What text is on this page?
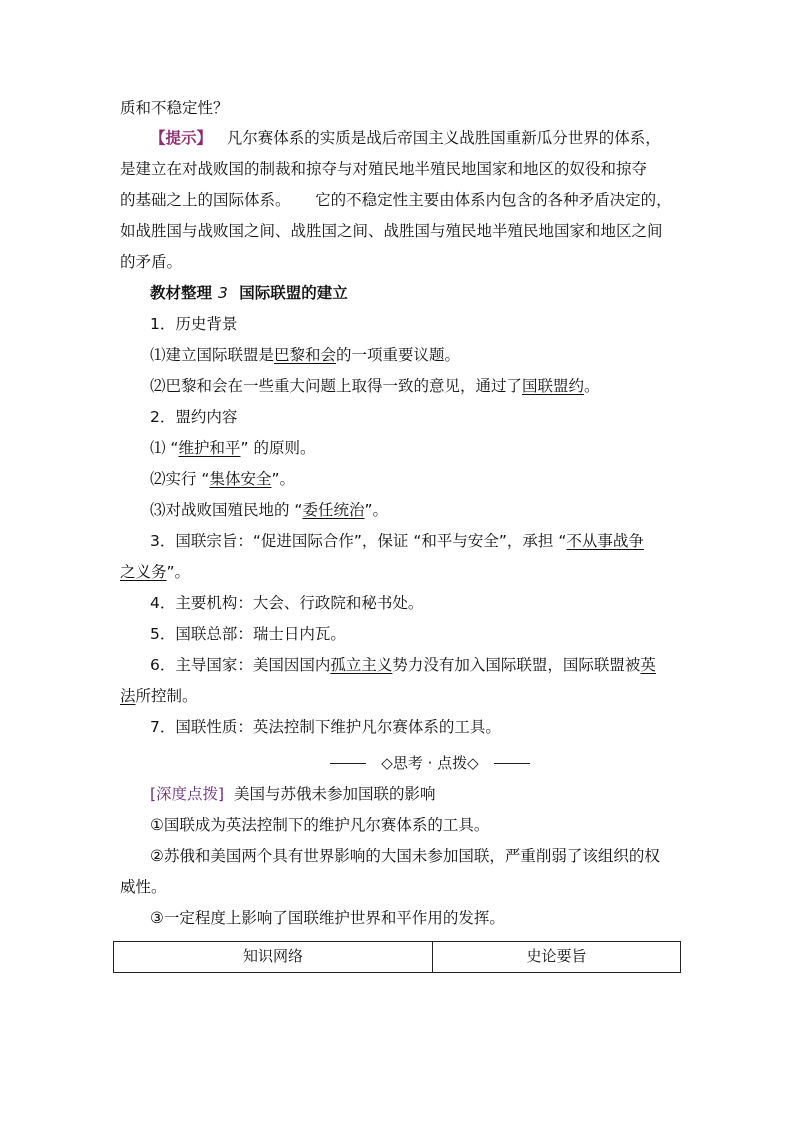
质和不稳定性？
【提示】 凡尔赛体系的实质是战后帝国主义战胜国重新瓜分世界的体系，
是建立在对战败国的制裁和掠夺与对殖民地半殖民地国家和地区的奴役和掠夺
的基础之上的国际体系。 它的不稳定性主要由体系内包含的各种矛盾决定的，
如战胜国与战败国之间、战胜国之间、战胜国与殖民地半殖民地国家和地区之间
的矛盾。
教材整理 3 国际联盟的建立
1．历史背景
⑴建立国际联盟是巴黎和会的一项重要议题。
⑵巴黎和会在一些重大问题上取得一致的意见，通过了国联盟约。
2．盟约内容
⑴ “维护和平” 的原则。
⑵实行 “集体安全”。
⑶对战败国殖民地的 “委任统治”。
3．国联宗旨：“促进国际合作”，保证 “和平与安全”，承担 “不从事战争
之义务”。
4．主要机构：大会、行政院和秘书处。
5．国联总部：瑞士日内瓦。
6．主导国家：美国因国内孤立主义势力没有加入国际联盟，国际联盟被英
法所控制。
7．国联性质：英法控制下维护凡尔赛体系的工具。
◇思考 · 点拨◇
[深度点拨] 美国与苏俄未参加国联的影响
①国联成为英法控制下的维护凡尔赛体系的工具。
②苏俄和美国两个具有世界影响的大国未参加国联，严重削弱了该组织的权
威性。
③一定程度上影响了国联维护世界和平作用的发挥。
知识网络	史论要旨
